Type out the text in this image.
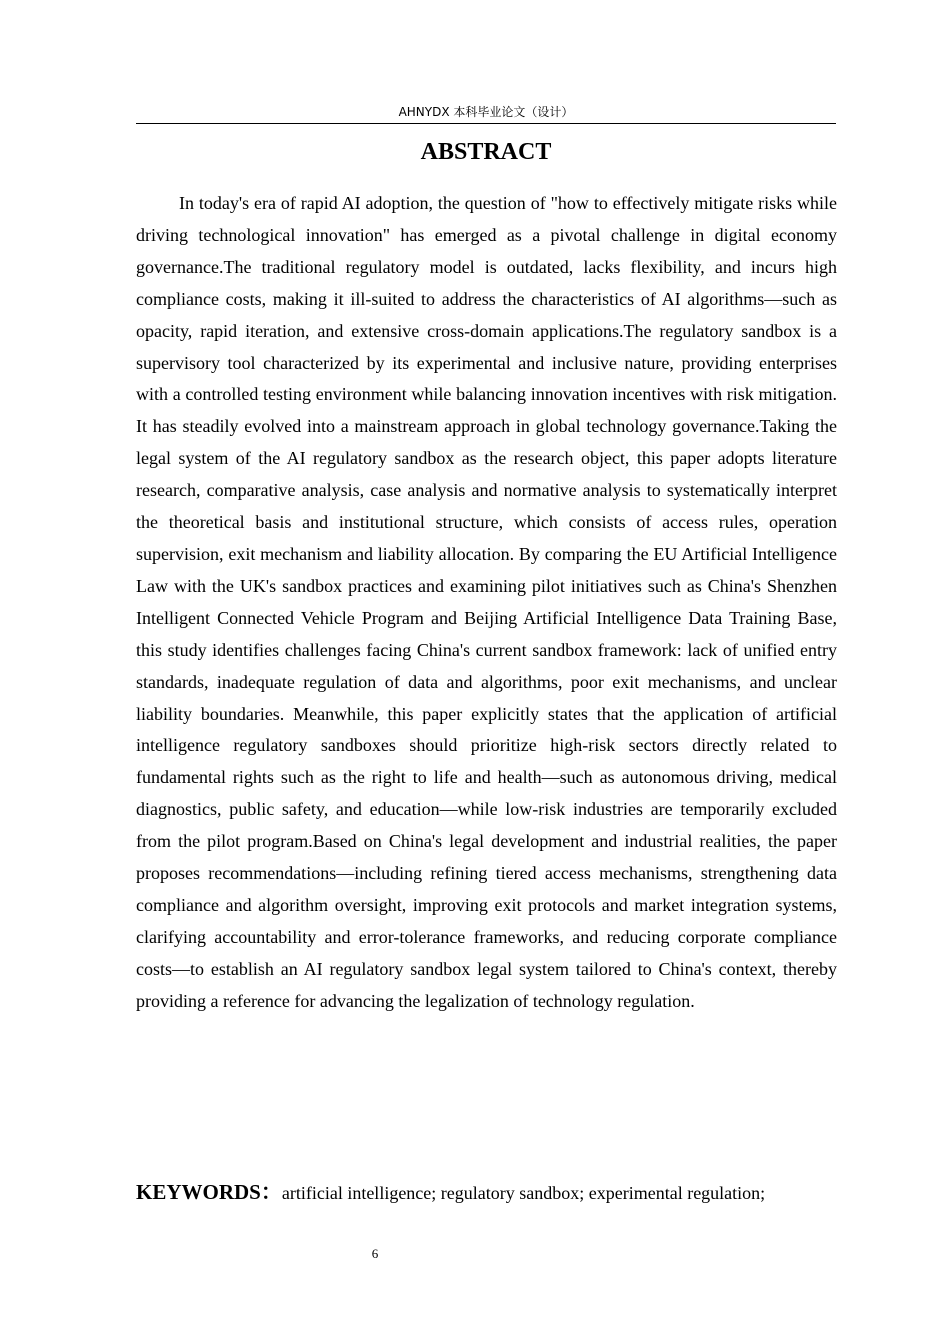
AHNYDX 本科毕业论文（设计）
ABSTRACT

In today's era of rapid AI adoption, the question of "how to effectively mitigate risks while driving technological innovation" has emerged as a pivotal challenge in digital economy governance.The traditional regulatory model is outdated, lacks flexibility, and incurs high compliance costs, making it ill-suited to address the characteristics of AI algorithms—such as opacity, rapid iteration, and extensive cross-domain applications.The regulatory sandbox is a supervisory tool characterized by its experimental and inclusive nature, providing enterprises with a controlled testing environment while balancing innovation incentives with risk mitigation. It has steadily evolved into a mainstream approach in global technology governance.Taking the legal system of the AI regulatory sandbox as the research object, this paper adopts literature research, comparative analysis, case analysis and normative analysis to systematically interpret the theoretical basis and institutional structure, which consists of access rules, operation supervision, exit mechanism and liability allocation. By comparing the EU Artificial Intelligence Law with the UK's sandbox practices and examining pilot initiatives such as China's Shenzhen Intelligent Connected Vehicle Program and Beijing Artificial Intelligence Data Training Base, this study identifies challenges facing China's current sandbox framework: lack of unified entry standards, inadequate regulation of data and algorithms, poor exit mechanisms, and unclear liability boundaries. Meanwhile, this paper explicitly states that the application of artificial intelligence regulatory sandboxes should prioritize high-risk sectors directly related to fundamental rights such as the right to life and health—such as autonomous driving, medical diagnostics, public safety, and education—while low-risk industries are temporarily excluded from the pilot program.Based on China's legal development and industrial realities, the paper proposes recommendations—including refining tiered access mechanisms, strengthening data compliance and algorithm oversight, improving exit protocols and market integration systems, clarifying accountability and error-tolerance frameworks, and reducing corporate compliance costs—to establish an AI regulatory sandbox legal system tailored to China's context, thereby providing a reference for advancing the legalization of technology regulation.

KEYWORDS：artificial intelligence; regulatory sandbox; experimental regulation;

6
